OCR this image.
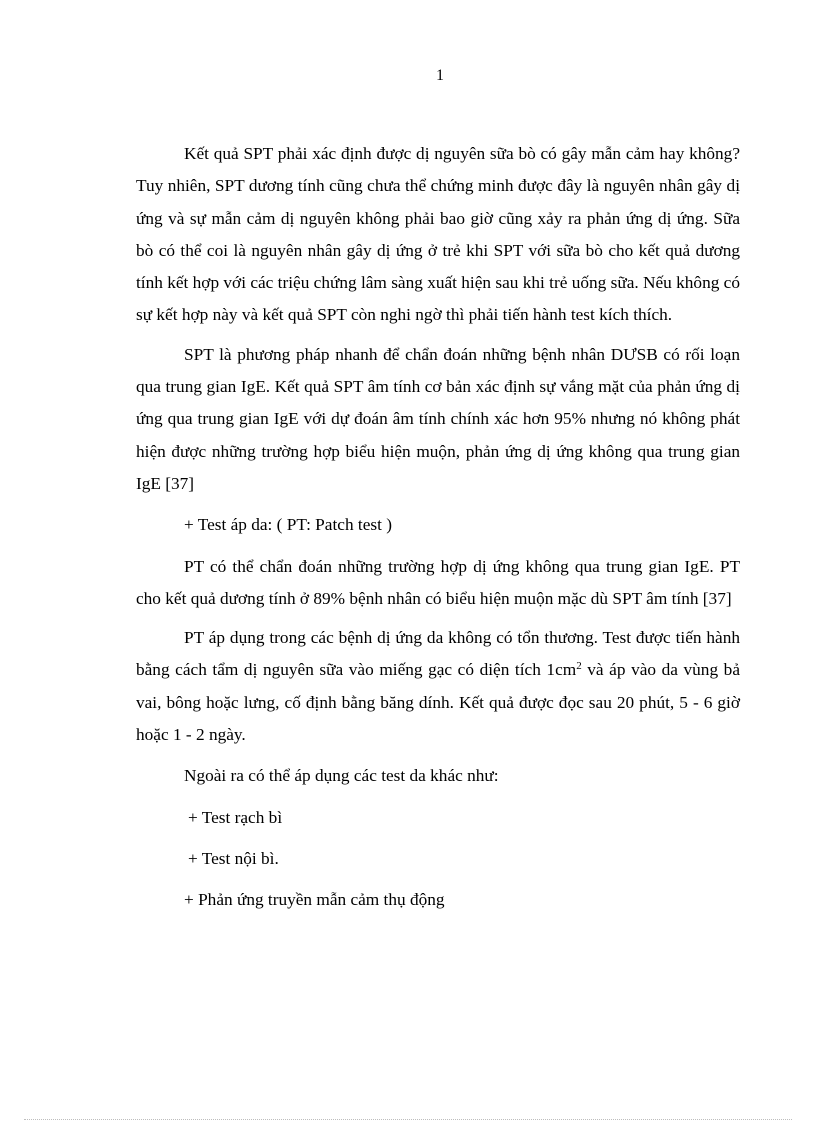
1

Kết quả SPT phải xác định được dị nguyên sữa bò có gây mẫn cảm hay không? Tuy nhiên, SPT dương tính cũng chưa thể chứng minh được đây là nguyên nhân gây dị ứng và sự mẫn cảm dị nguyên không phải bao giờ cũng xảy ra phản ứng dị ứng. Sữa bò có thể coi là nguyên nhân gây dị ứng ở trẻ khi SPT với sữa bò cho kết quả dương tính kết hợp với các triệu chứng lâm sàng xuất hiện sau khi trẻ uống sữa. Nếu không có sự kết hợp này và kết quả SPT còn nghi ngờ thì phải tiến hành test kích thích.

SPT là phương pháp nhanh để chẩn đoán những bệnh nhân DƯSB có rối loạn qua trung gian IgE. Kết quả SPT âm tính cơ bản xác định sự vắng mặt của phản ứng dị ứng qua trung gian IgE với dự đoán âm tính chính xác hơn 95% nhưng nó không phát hiện được những trường hợp biểu hiện muộn, phản ứng dị ứng không qua trung gian IgE [37]

+ Test áp da: ( PT: Patch test )

PT có thể chẩn đoán những trường hợp dị ứng không qua trung gian IgE. PT cho kết quả dương tính ở 89% bệnh nhân có biểu hiện muộn mặc dù SPT âm tính [37]

PT áp dụng trong các bệnh dị ứng da không có tổn thương. Test được tiến hành bằng cách tẩm dị nguyên sữa vào miếng gạc có diện tích $1cm^2$ và áp vào da vùng bả vai, bông hoặc lưng, cố định bằng băng dính. Kết quả được đọc sau 20 phút, 5 - 6 giờ hoặc 1 - 2 ngày.

Ngoài ra có thể áp dụng các test da khác như:

+ Test rạch bì

+ Test nội bì.

+ Phản ứng truyền mẫn cảm thụ động
